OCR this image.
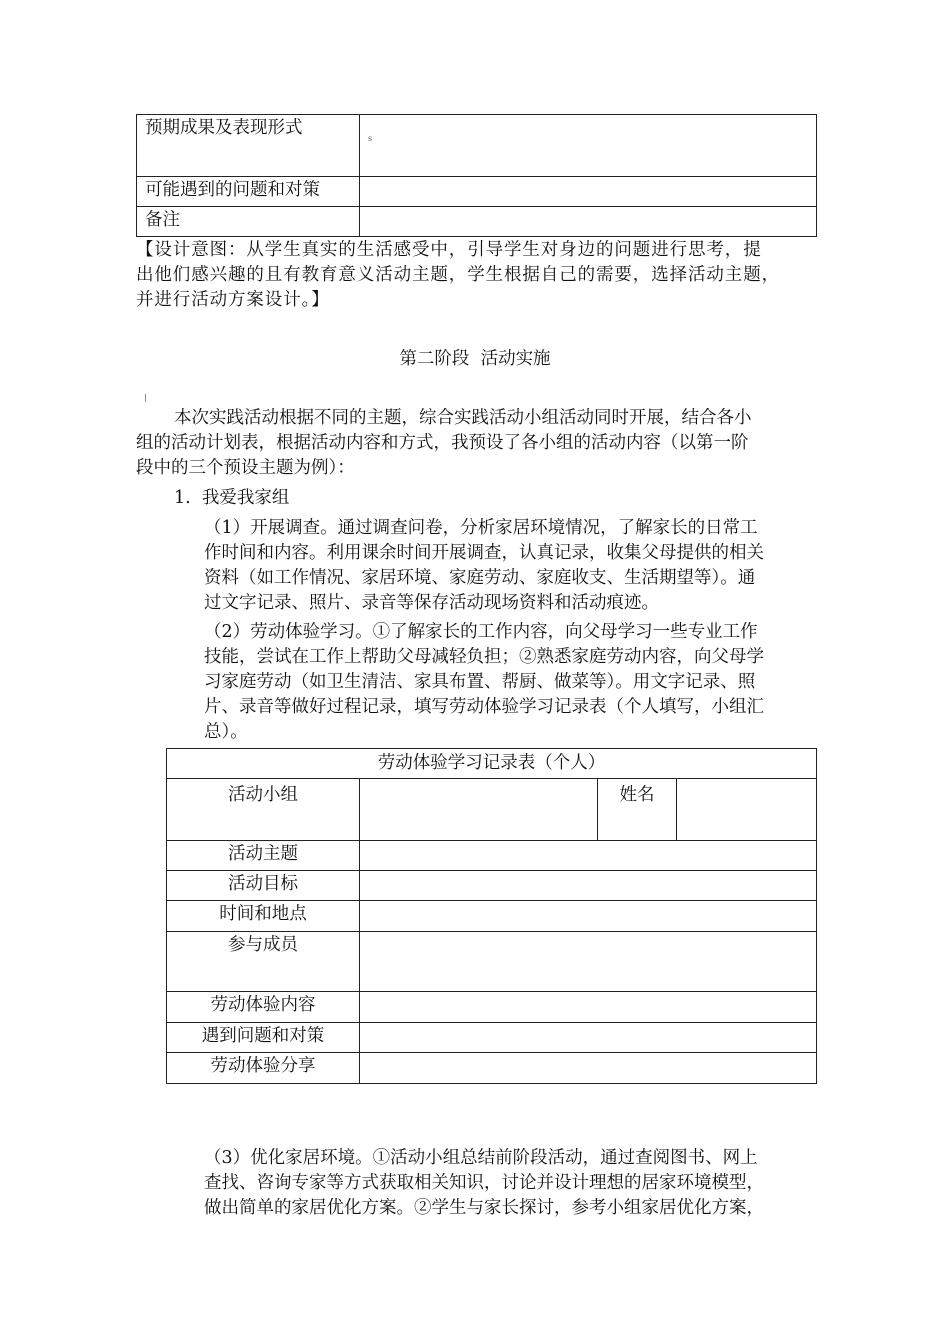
预期成果及表现形式	s
可能遇到的问题和对策	
备注	
【设计意图：从学生真实的生活感受中，引导学生对身边的问题进行思考，提
出他们感兴趣的且有教育意义活动主题，学生根据自己的需要，选择活动主题，
并进行活动方案设计。】
第二阶段  活动实施
本次实践活动根据不同的主题，综合实践活动小组活动同时开展，结合各小
组的活动计划表，根据活动内容和方式，我预设了各小组的活动内容（以第一阶
段中的三个预设主题为例）：
1.  我爱我家组
（1）开展调查。通过调查问卷，分析家居环境情况，了解家长的日常工
作时间和内容。利用课余时间开展调查，认真记录，收集父母提供的相关
资料（如工作情况、家居环境、家庭劳动、家庭收支、生活期望等）。通
过文字记录、照片、录音等保存活动现场资料和活动痕迹。
（2）劳动体验学习。①了解家长的工作内容，向父母学习一些专业工作
技能，尝试在工作上帮助父母减轻负担；②熟悉家庭劳动内容，向父母学
习家庭劳动（如卫生清洁、家具布置、帮厨、做菜等）。用文字记录、照
片、录音等做好过程记录，填写劳动体验学习记录表（个人填写，小组汇
总）。
劳动体验学习记录表（个人）			
活动小组		姓名	
活动主题			
活动目标			
时间和地点			
参与成员			
劳动体验内容			
遇到问题和对策			
劳动体验分享			
（3）优化家居环境。①活动小组总结前阶段活动，通过查阅图书、网上
查找、咨询专家等方式获取相关知识，讨论并设计理想的居家环境模型，
做出简单的家居优化方案。②学生与家长探讨，参考小组家居优化方案，
